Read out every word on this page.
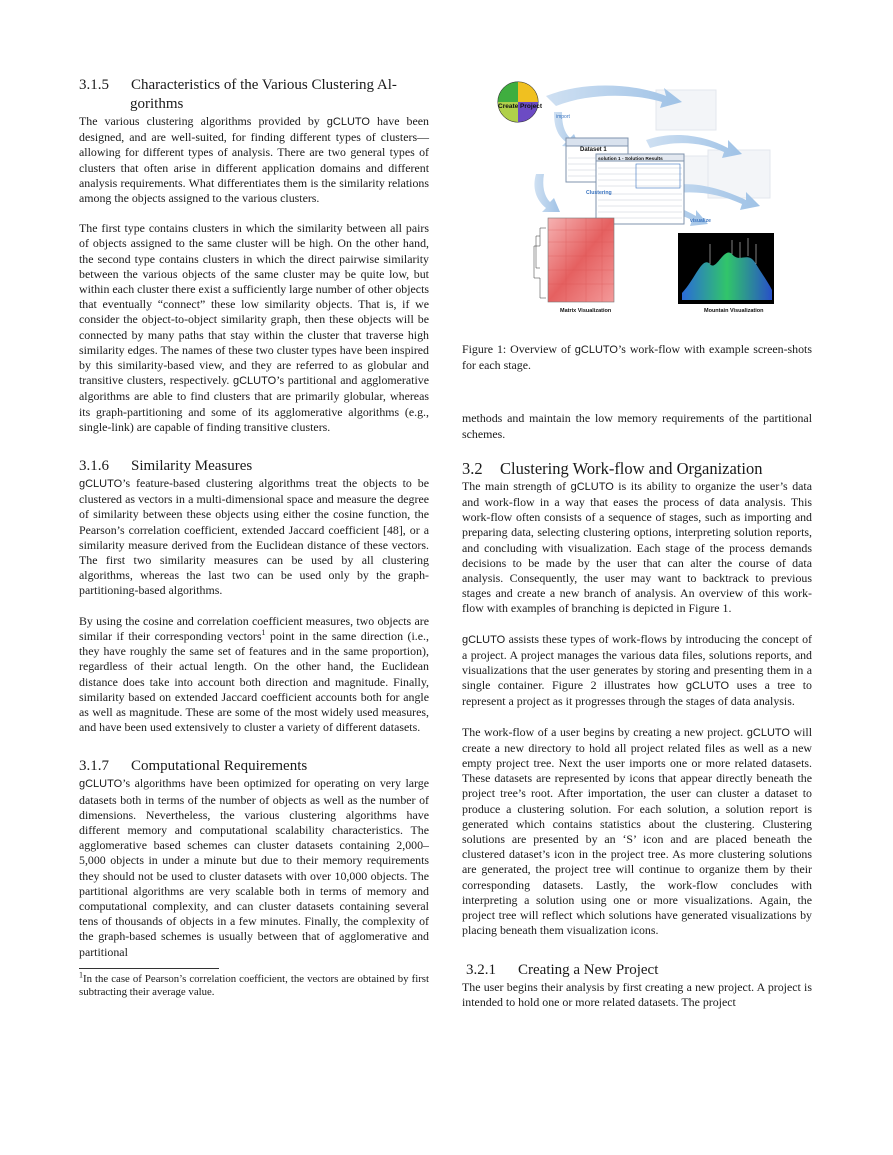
3.1.5 Characteristics of the Various Clustering Al-
gorithms

The various clustering algorithms provided by gCLUTO have been designed, and are well-suited, for finding different types of clusters—allowing for different types of analysis. There are two general types of clusters that often arise in different application domains and different analysis requirements. What differentiates them is the similarity relations among the objects assigned to the various clusters.

The first type contains clusters in which the similarity between all pairs of objects assigned to the same cluster will be high. On the other hand, the second type contains clusters in which the direct pairwise similarity between the various objects of the same cluster may be quite low, but within each cluster there exist a sufficiently large number of other objects that eventually “connect” these low similarity objects. That is, if we consider the object-to-object similarity graph, then these objects will be connected by many paths that stay within the cluster that traverse high similarity edges. The names of these two cluster types have been inspired by this similarity-based view, and they are referred to as globular and transitive clusters, respectively. gCLUTO’s partitional and agglomerative algorithms are able to find clusters that are primarily globular, whereas its graph-partitioning and some of its agglomerative algorithms (e.g., single-link) are capable of finding transitive clusters.

3.1.6 Similarity Measures

gCLUTO’s feature-based clustering algorithms treat the objects to be clustered as vectors in a multi-dimensional space and measure the degree of similarity between these objects using either the cosine function, the Pearson’s correlation coefficient, extended Jaccard coefficient [48], or a similarity measure derived from the Euclidean distance of these vectors. The first two similarity measures can be used by all clustering algorithms, whereas the last two can be used only by the graph-partitioning-based algorithms.

By using the cosine and correlation coefficient measures, two objects are similar if their corresponding vectors$^1$ point in the same direction (i.e., they have roughly the same set of features and in the same proportion), regardless of their actual length. On the other hand, the Euclidean distance does take into account both direction and magnitude. Finally, similarity based on extended Jaccard coefficient accounts both for angle as well as magnitude. These are some of the most widely used measures, and have been used extensively to cluster a variety of different datasets.

3.1.7 Computational Requirements

gCLUTO’s algorithms have been optimized for operating on very large datasets both in terms of the number of objects as well as the number of dimensions. Nevertheless, the various clustering algorithms have different memory and computational scalability characteristics. The agglomerative based schemes can cluster datasets containing 2,000–5,000 objects in under a minute but due to their memory requirements they should not be used to cluster datasets with over 10,000 objects. The partitional algorithms are very scalable both in terms of memory and computational complexity, and can cluster datasets containing several tens of thousands of objects in a few minutes. Finally, the complexity of the graph-based schemes is usually between that of agglomerative and partitional

$^1$In the case of Pearson’s correlation coefficient, the vectors are obtained by first subtracting their average value.

Create Project
import
Dataset 1
solution 1 - Solution Results
Clustering
visualize
Matrix Visualization	Mountain Visualization

Figure 1: Overview of gCLUTO’s work-flow with example screen-shots for each stage.

methods and maintain the low memory requirements of the partitional schemes.

3.2 Clustering Work-flow and Organization

The main strength of gCLUTO is its ability to organize the user’s data and work-flow in a way that eases the process of data analysis. This work-flow often consists of a sequence of stages, such as importing and preparing data, selecting clustering options, interpreting solution reports, and concluding with visualization. Each stage of the process demands decisions to be made by the user that can alter the course of data analysis. Consequently, the user may want to backtrack to previous stages and create a new branch of analysis. An overview of this work-flow with examples of branching is depicted in Figure 1.

gCLUTO assists these types of work-flows by introducing the concept of a project. A project manages the various data files, solutions reports, and visualizations that the user generates by storing and presenting them in a single container. Figure 2 illustrates how gCLUTO uses a tree to represent a project as it progresses through the stages of data analysis.

The work-flow of a user begins by creating a new project. gCLUTO will create a new directory to hold all project related files as well as a new empty project tree. Next the user imports one or more related datasets. These datasets are represented by icons that appear directly beneath the project tree’s root. After importation, the user can cluster a dataset to produce a clustering solution. For each solution, a solution report is generated which contains statistics about the clustering. Clustering solutions are presented by an ‘S’ icon and are placed beneath the clustered dataset’s icon in the project tree. As more clustering solutions are generated, the project tree will continue to organize them by their corresponding datasets. Lastly, the work-flow concludes with interpreting a solution using one or more visualizations. Again, the project tree will reflect which solutions have generated visualizations by placing beneath them visualization icons.

3.2.1 Creating a New Project

The user begins their analysis by first creating a new project. A project is intended to hold one or more related datasets. The project
